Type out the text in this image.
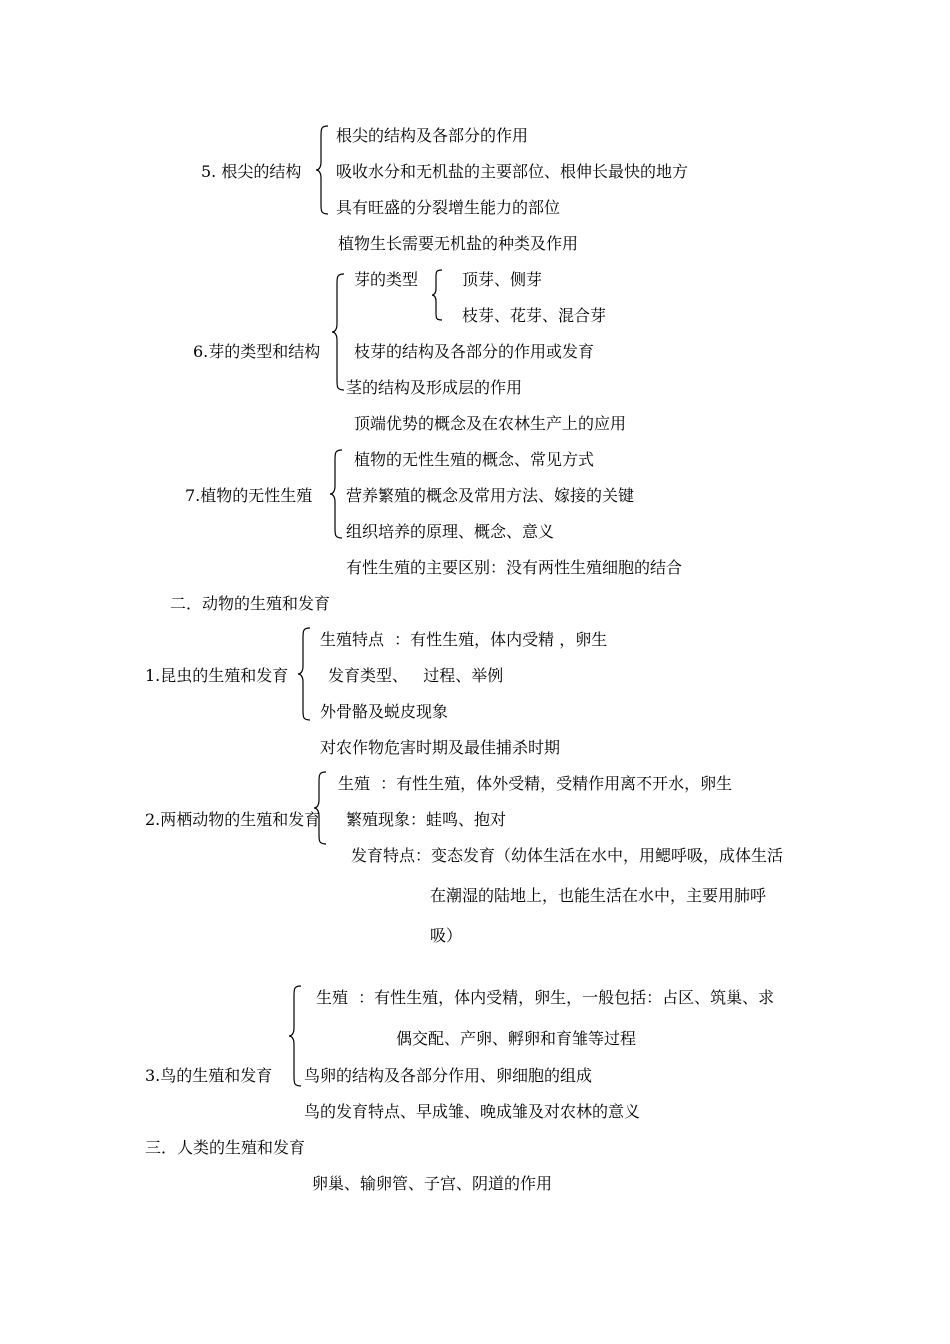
5. 根尖的结构
根尖的结构及各部分的作用
吸收水分和无机盐的主要部位、根伸长最快的地方
具有旺盛的分裂增生能力的部位
植物生长需要无机盐的种类及作用
6.芽的类型和结构
芽的类型	顶芽、侧芽
枝芽、花芽、混合芽
枝芽的结构及各部分的作用或发育
茎的结构及形成层的作用
顶端优势的概念及在农林生产上的应用
7.植物的无性生殖
植物的无性生殖的概念、常见方式
营养繁殖的概念及常用方法、嫁接的关键
组织培养的原理、概念、意义
有性生殖的主要区别：没有两性生殖细胞的结合
二．动物的生殖和发育
1.昆虫的生殖和发育
生殖特点  ：有性生殖，体内受精 ，卵生
发育类型、   过程、举例
外骨骼及蜕皮现象
对农作物危害时期及最佳捕杀时期
2.两栖动物的生殖和发育
生殖  ：有性生殖，体外受精，受精作用离不开水，卵生
繁殖现象：蛙鸣、抱对
发育特点：变态发育（幼体生活在水中，用鳃呼吸，成体生活
在潮湿的陆地上，也能生活在水中，主要用肺呼
吸）
3.鸟的生殖和发育
生殖  ：有性生殖，体内受精，卵生，一般包括：占区、筑巢、求
偶交配、产卵、孵卵和育雏等过程
鸟卵的结构及各部分作用、卵细胞的组成
鸟的发育特点、早成雏、晚成雏及对农林的意义
三．人类的生殖和发育
卵巢、输卵管、子宫、阴道的作用
